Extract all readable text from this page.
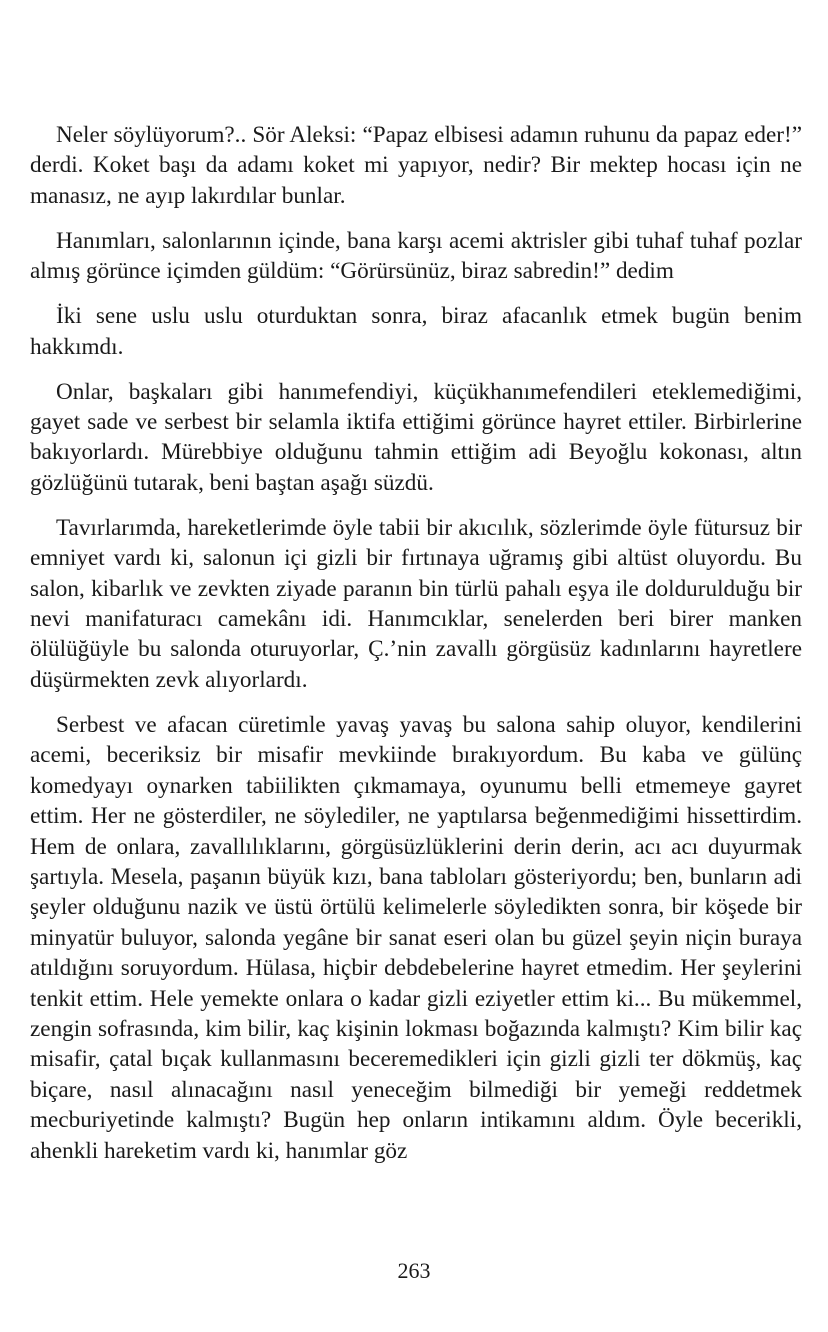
Neler söylüyorum?.. Sör Aleksi: “Papaz elbisesi adamın ruhunu da papaz eder!” derdi. Koket başı da adamı koket mi yapıyor, nedir? Bir mektep hocası için ne manasız, ne ayıp lakırdılar bunlar.

Hanımları, salonlarının içinde, bana karşı acemi aktrisler gibi tuhaf tuhaf pozlar almış görünce içimden güldüm: “Görürsünüz, biraz sabredin!” dedim

İki sene uslu uslu oturduktan sonra, biraz afacanlık etmek bugün benim hakkımdı.

Onlar, başkaları gibi hanımefendiyi, küçükhanımefendileri eteklemediğimi, gayet sade ve serbest bir selamla iktifa ettiğimi görünce hayret ettiler. Birbirlerine bakıyorlardı. Mürebbiye olduğunu tahmin ettiğim adi Beyoğlu kokonası, altın gözlüğünü tutarak, beni baştan aşağı süzdü.

Tavırlarımda, hareketlerimde öyle tabii bir akıcılık, sözlerimde öyle fütursuz bir emniyet vardı ki, salonun içi gizli bir fırtınaya uğramış gibi altüst oluyordu. Bu salon, kibarlık ve zevkten ziyade paranın bin türlü pahalı eşya ile doldurulduğu bir nevi manifaturacı camekânı idi. Hanımcıklar, senelerden beri birer manken ölülüğüyle bu salonda oturuyorlar, Ç.’nin zavallı görgüsüz kadınlarını hayretlere düşürmekten zevk alıyorlardı.

Serbest ve afacan cüretimle yavaş yavaş bu salona sahip oluyor, kendilerini acemi, beceriksiz bir misafir mevkiinde bırakıyordum. Bu kaba ve gülünç komedyayı oynarken tabiilikten çıkmamaya, oyunumu belli etmemeye gayret ettim. Her ne gösterdiler, ne söylediler, ne yaptılarsa beğenmediğimi hissettirdim. Hem de onlara, zavallılıklarını, görgüsüzlüklerini derin derin, acı acı duyurmak şartıyla. Mesela, paşanın büyük kızı, bana tabloları gösteriyordu; ben, bunların adi şeyler olduğunu nazik ve üstü örtülü kelimelerle söyledikten sonra, bir köşede bir minyatür buluyor, salonda yegâne bir sanat eseri olan bu güzel şeyin niçin buraya atıldığını soruyordum. Hülasa, hiçbir debdebelerine hayret etmedim. Her şeylerini tenkit ettim. Hele yemekte onlara o kadar gizli eziyetler ettim ki... Bu mükemmel, zengin sofrasında, kim bilir, kaç kişinin lokması boğazında kalmıştı? Kim bilir kaç misafir, çatal bıçak kullanmasını beceremedikleri için gizli gizli ter dökmüş, kaç biçare, nasıl alınacağını nasıl yeneceğim bilmediği bir yemeği reddetmek mecburiyetinde kalmıştı? Bugün hep onların intikamını aldım. Öyle becerikli, ahenkli hareketim vardı ki, hanımlar göz

263
